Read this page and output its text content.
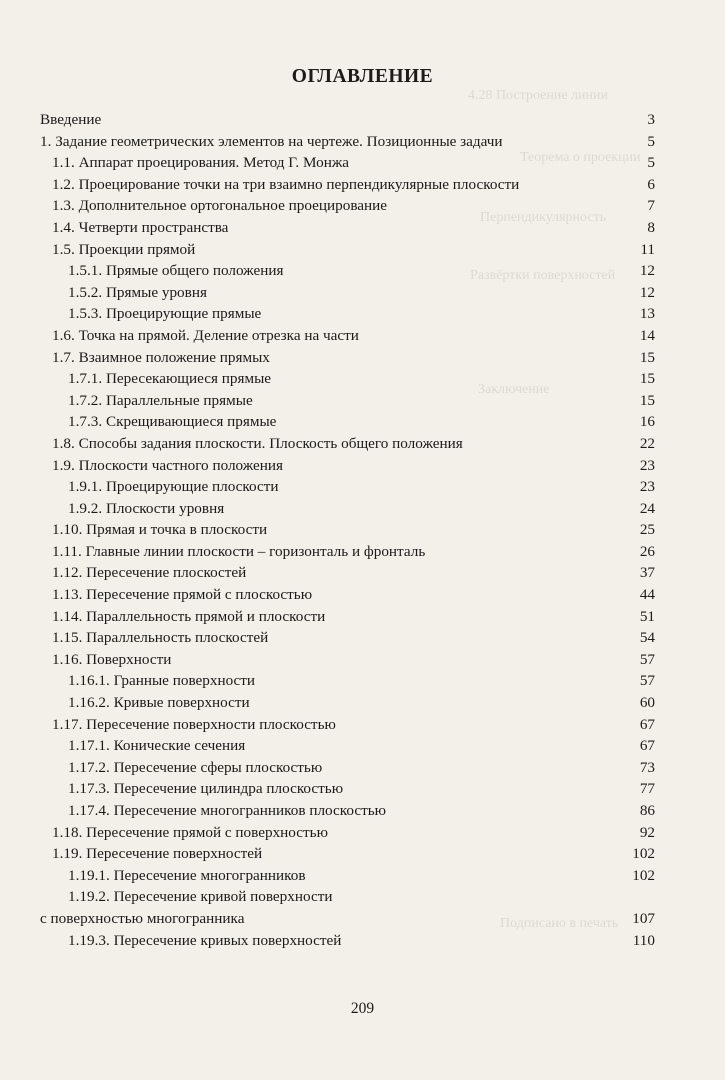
4.28 Построение линии
Теорема о проекции
Перпендикулярность
Развёртки поверхностей
Заключение
Подписано в печать
ОГЛАВЛЕНИЕ
Введение	3
1. Задание геометрических элементов на чертеже. Позиционные задачи	5
1.1. Аппарат проецирования. Метод Г. Монжа	5
1.2. Проецирование точки на три взаимно перпендикулярные плоскости	6
1.3. Дополнительное ортогональное проецирование	7
1.4. Четверти пространства	8
1.5. Проекции прямой	11
1.5.1. Прямые общего положения	12
1.5.2. Прямые уровня	12
1.5.3. Проецирующие прямые	13
1.6. Точка на прямой. Деление отрезка на части	14
1.7. Взаимное положение прямых	15
1.7.1. Пересекающиеся прямые	15
1.7.2. Параллельные прямые	15
1.7.3. Скрещивающиеся прямые	16
1.8. Способы задания плоскости. Плоскость общего положения	22
1.9. Плоскости частного положения	23
1.9.1. Проецирующие плоскости	23
1.9.2. Плоскости уровня	24
1.10. Прямая и точка в плоскости	25
1.11. Главные линии плоскости – горизонталь и фронталь	26
1.12. Пересечение плоскостей	37
1.13. Пересечение прямой с плоскостью	44
1.14. Параллельность прямой и плоскости	51
1.15. Параллельность плоскостей	54
1.16. Поверхности	57
1.16.1. Гранные поверхности	57
1.16.2. Кривые поверхности	60
1.17. Пересечение поверхности плоскостью	67
1.17.1. Конические сечения	67
1.17.2. Пересечение сферы плоскостью	73
1.17.3. Пересечение цилиндра плоскостью	77
1.17.4. Пересечение многогранников плоскостью	86
1.18. Пересечение прямой с поверхностью	92
1.19. Пересечение поверхностей	102
1.19.1. Пересечение многогранников	102
1.19.2. Пересечение кривой поверхности
с поверхностью многогранника	107
1.19.3. Пересечение кривых поверхностей	110
209
